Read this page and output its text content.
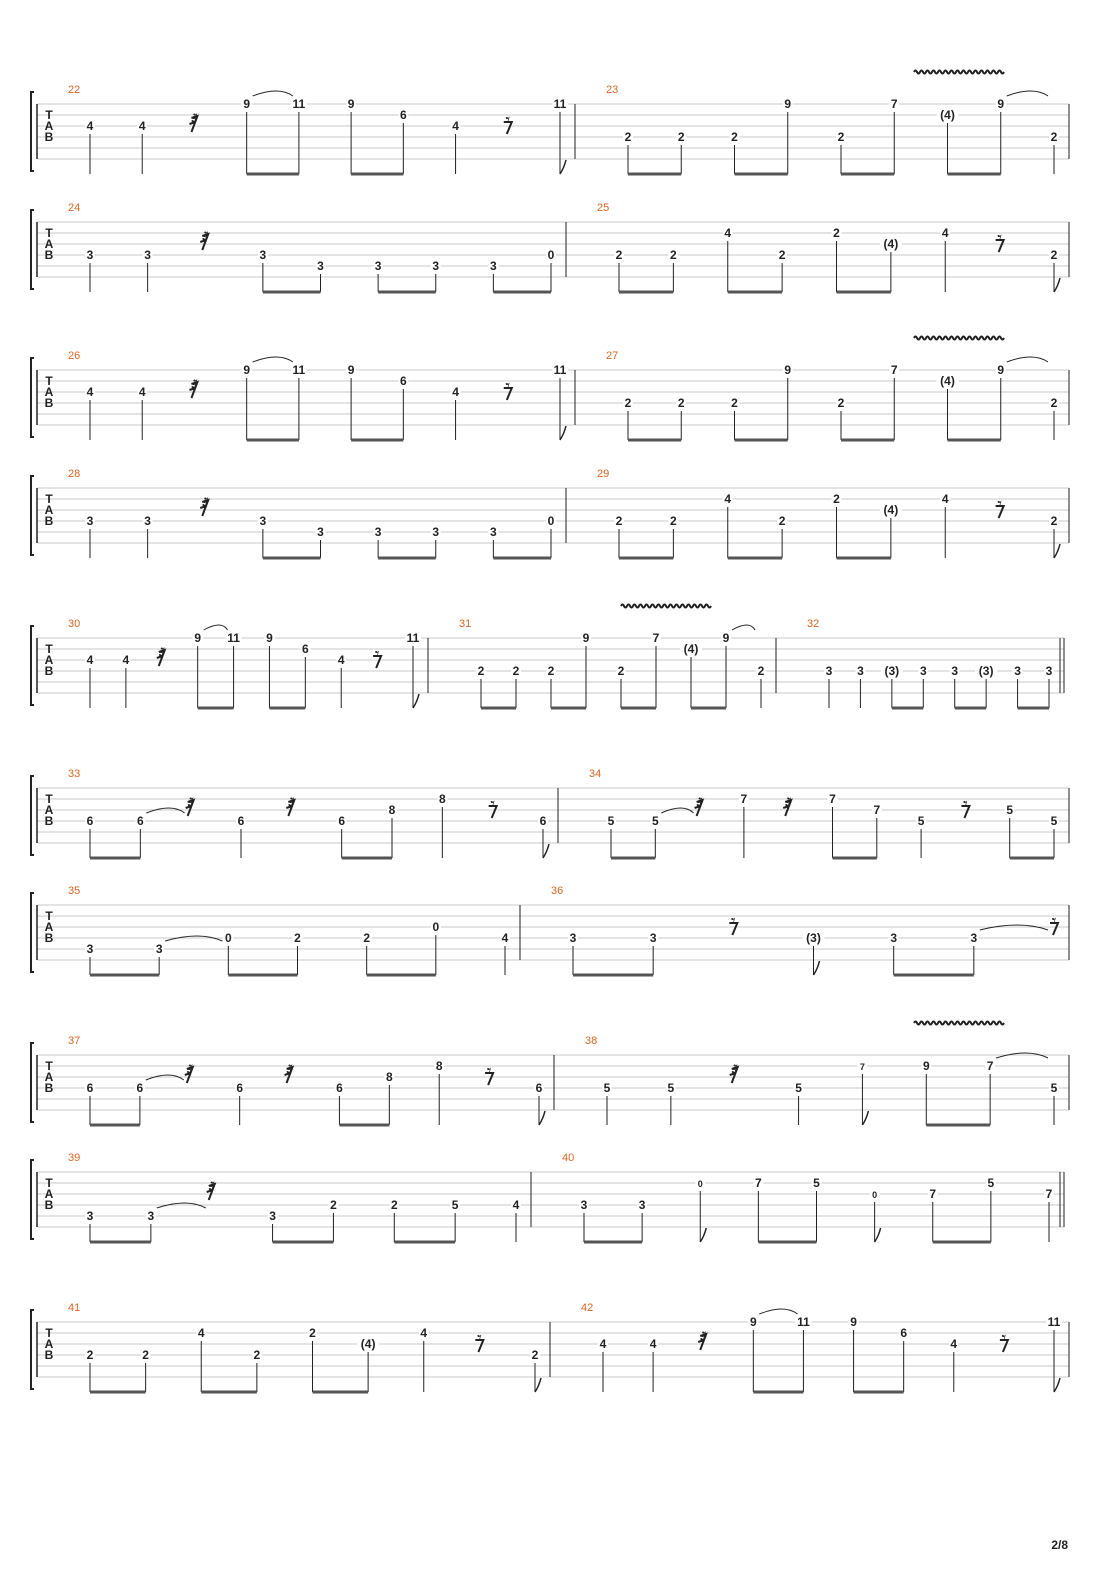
T
A
B
22
4	4	𝅀
9	11	9
6
4	𝄾
11
23
2	2	2
9
2
7
(4)
9
2
T
A
B
24
3	3
𝅀
3
3	3	3	3
0
25
2	2
4
2
2
(4)
4	𝄾
2
T
A
B
26
4	4	𝅀
9	11	9
6
4	𝄾
11
27
2	2	2
9
2
7
(4)
9
2
T
A
B
28
3	3
𝅀
3
3	3	3	3
0
29
2	2
4
2
2
(4)
4	𝄾
2
T
A
B
30
4 4 𝅀
9 11 9
6
4 𝄾
11
31
2 2 2
9
2
7
(4)
9
2
32
3 3 (3) 3 3 (3) 3 3
T
A
B
33
6	6
𝅀
6
𝅀
6
8
8 𝄾
6
34
5	5
𝅀	7 𝅀	7
7
5
𝄾	5
5
T
A
B
35
3	3
0	2	2
0
4
36
3	3
𝄾
(3)	3	3
𝄾
T
A
B
37
6	6
𝅀
6
𝅀
6
8
8 𝄾
6
38
5	5
𝅀
5
7	9	7
5
T
A
B
39
3	3
𝅀
3
2	2	5	4
40
3	3
0	7	5
0	7
5
7
T
A
B
41
2	2
4
2
2
(4)
4	𝄾
2
42
4	4 𝅀
9	11	9
6
4 𝄾
11
2/8
